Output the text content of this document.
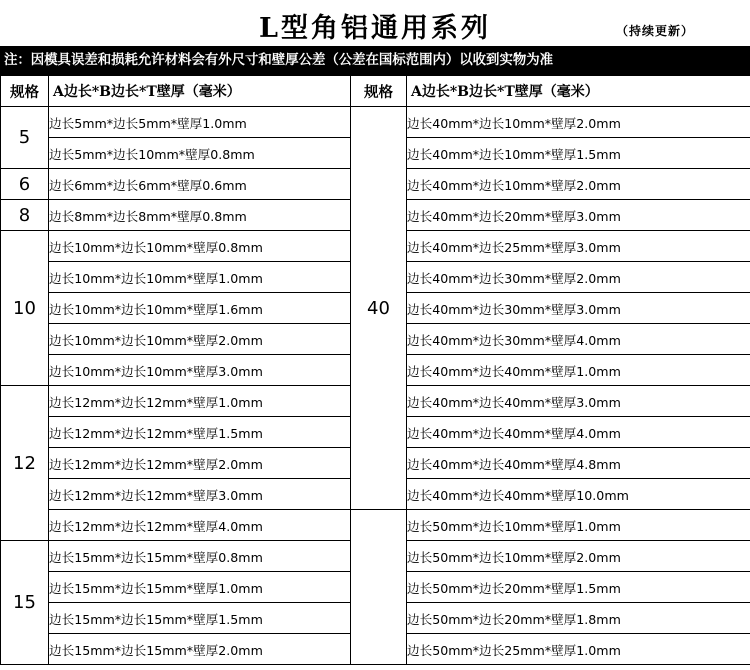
L型角铝通用系列	（持续更新）
注：因模具误差和损耗允许材料会有外尺寸和壁厚公差（公差在国标范围内）以收到实物为准
规格	A边长*B边长*T壁厚（毫米）	规格	A边长*B边长*T壁厚（毫米）
5	边长5mm*边长5mm*壁厚1.0mm	40	边长40mm*边长10mm*壁厚2.0mm
	边长5mm*边长10mm*壁厚0.8mm		边长40mm*边长10mm*壁厚1.5mm
6	边长6mm*边长6mm*壁厚0.6mm		边长40mm*边长10mm*壁厚2.0mm
8	边长8mm*边长8mm*壁厚0.8mm		边长40mm*边长20mm*壁厚3.0mm
10	边长10mm*边长10mm*壁厚0.8mm		边长40mm*边长25mm*壁厚3.0mm
	边长10mm*边长10mm*壁厚1.0mm		边长40mm*边长30mm*壁厚2.0mm
	边长10mm*边长10mm*壁厚1.6mm		边长40mm*边长30mm*壁厚3.0mm
	边长10mm*边长10mm*壁厚2.0mm		边长40mm*边长30mm*壁厚4.0mm
	边长10mm*边长10mm*壁厚3.0mm		边长40mm*边长40mm*壁厚1.0mm
12	边长12mm*边长12mm*壁厚1.0mm		边长40mm*边长40mm*壁厚3.0mm
	边长12mm*边长12mm*壁厚1.5mm		边长40mm*边长40mm*壁厚4.0mm
	边长12mm*边长12mm*壁厚2.0mm		边长40mm*边长40mm*壁厚4.8mm
	边长12mm*边长12mm*壁厚3.0mm		边长40mm*边长40mm*壁厚10.0mm
	边长12mm*边长12mm*壁厚4.0mm		边长50mm*边长10mm*壁厚1.0mm
15	边长15mm*边长15mm*壁厚0.8mm		边长50mm*边长10mm*壁厚2.0mm
	边长15mm*边长15mm*壁厚1.0mm		边长50mm*边长20mm*壁厚1.5mm
	边长15mm*边长15mm*壁厚1.5mm		边长50mm*边长20mm*壁厚1.8mm
	边长15mm*边长15mm*壁厚2.0mm		边长50mm*边长25mm*壁厚1.0mm
